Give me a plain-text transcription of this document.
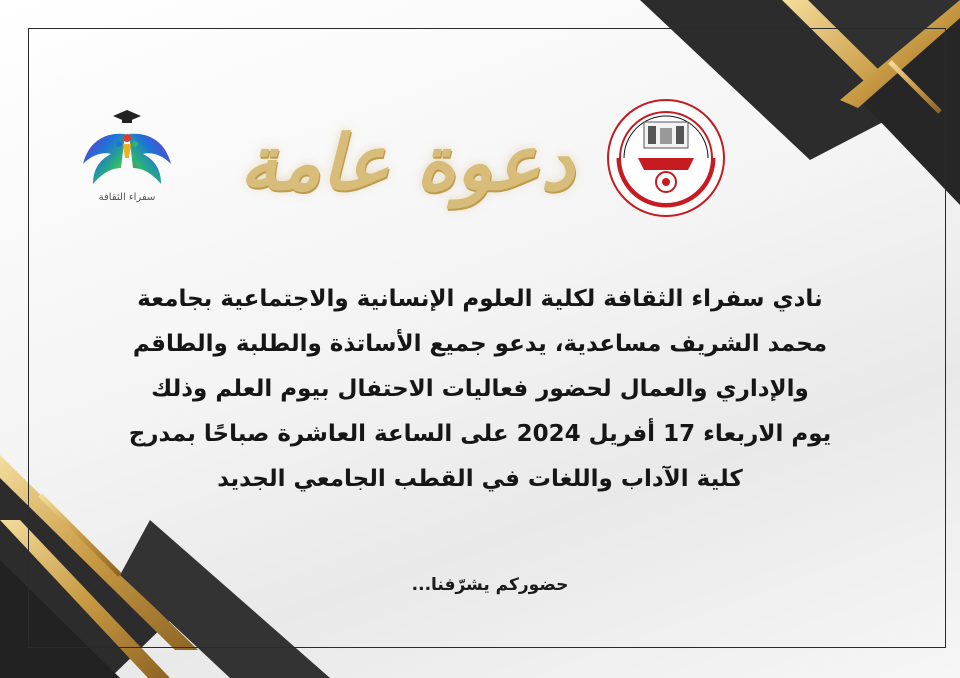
سفراء الثقافة	دعوة عامة
نادي سفراء الثقافة لكلية العلوم الإنسانية والاجتماعية بجامعة
محمد الشريف مساعدية، يدعو جميع الأساتذة والطلبة والطاقم
والإداري والعمال لحضور فعاليات الاحتفال بيوم العلم وذلك
يوم الاربعاء 17 أفريل 2024 على الساعة العاشرة صباحًا بمدرج
كلية الآداب واللغات في القطب الجامعي الجديد
حضوركم يشرّفنا...
